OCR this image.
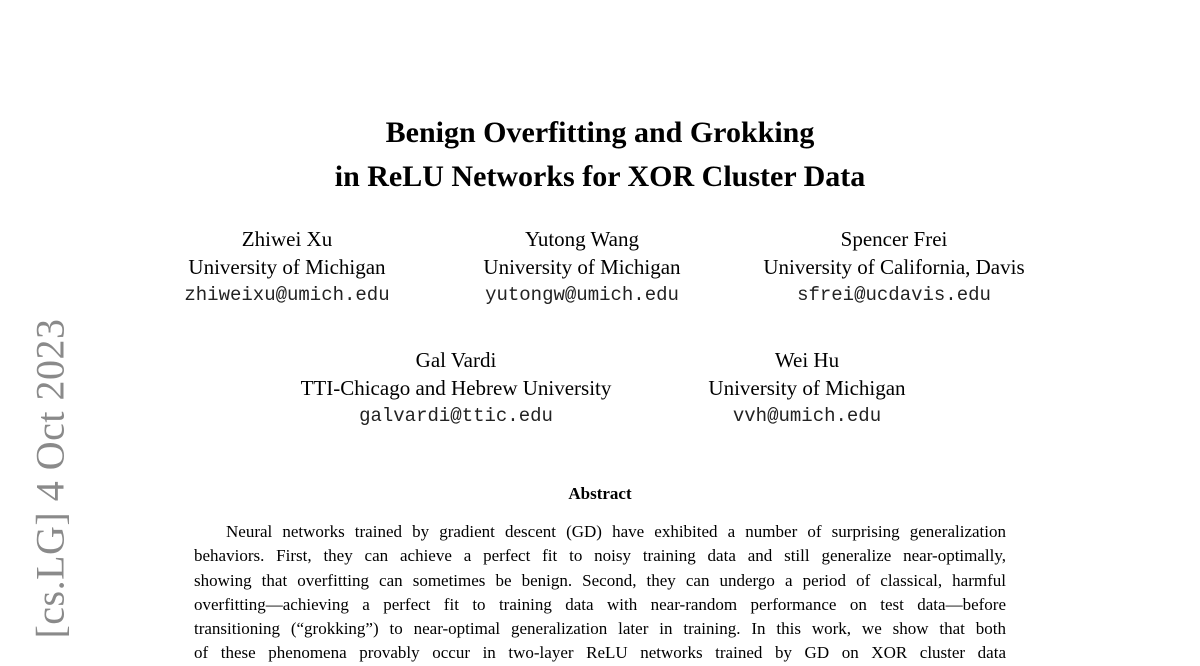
[cs.LG] 4 Oct 2023
Benign Overfitting and Grokking
in ReLU Networks for XOR Cluster Data
Zhiwei Xu
University of Michigan
zhiweixu@umich.edu
Yutong Wang
University of Michigan
yutongw@umich.edu
Spencer Frei
University of California, Davis
sfrei@ucdavis.edu
Gal Vardi
TTI-Chicago and Hebrew University
galvardi@ttic.edu
Wei Hu
University of Michigan
vvh@umich.edu
Abstract
Neural networks trained by gradient descent (GD) have exhibited a number of surprising generalization
behaviors. First, they can achieve a perfect fit to noisy training data and still generalize near-optimally,
showing that overfitting can sometimes be benign. Second, they can undergo a period of classical, harmful
overfitting—achieving a perfect fit to training data with near-random performance on test data—before
transitioning (“grokking”) to near-optimal generalization later in training. In this work, we show that both
of these phenomena provably occur in two-layer ReLU networks trained by GD on XOR cluster data
